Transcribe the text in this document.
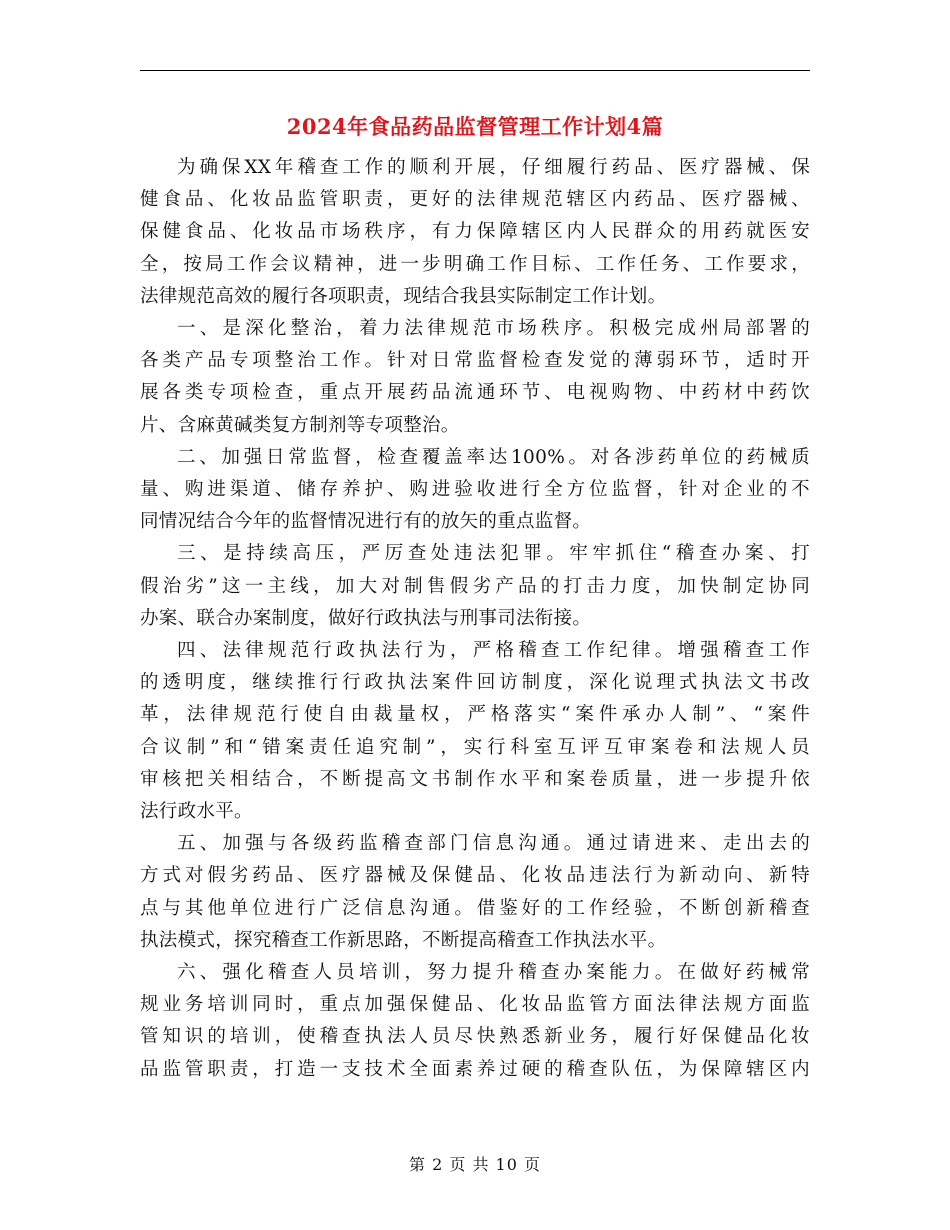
2024年食品药品监督管理工作计划4篇

为确保XX年稽查工作的顺利开展，仔细履行药品、医疗器械、保
健食品、化妆品监管职责，更好的法律规范辖区内药品、医疗器械、
保健食品、化妆品市场秩序，有力保障辖区内人民群众的用药就医安
全，按局工作会议精神，进一步明确工作目标、工作任务、工作要求，
法律规范高效的履行各项职责，现结合我县实际制定工作计划。

一、是深化整治，着力法律规范市场秩序。积极完成州局部署的
各类产品专项整治工作。针对日常监督检查发觉的薄弱环节，适时开
展各类专项检查，重点开展药品流通环节、电视购物、中药材中药饮
片、含麻黄碱类复方制剂等专项整治。

二、加强日常监督，检查覆盖率达100%。对各涉药单位的药械质
量、购进渠道、储存养护、购进验收进行全方位监督，针对企业的不
同情况结合今年的监督情况进行有的放矢的重点监督。

三、是持续高压，严厉查处违法犯罪。牢牢抓住“稽查办案、打
假治劣”这一主线，加大对制售假劣产品的打击力度，加快制定协同
办案、联合办案制度，做好行政执法与刑事司法衔接。

四、法律规范行政执法行为，严格稽查工作纪律。增强稽查工作
的透明度，继续推行行政执法案件回访制度，深化说理式执法文书改
革，法律规范行使自由裁量权，严格落实“案件承办人制”、“案件
合议制”和“错案责任追究制”，实行科室互评互审案卷和法规人员
审核把关相结合，不断提高文书制作水平和案卷质量，进一步提升依
法行政水平。

五、加强与各级药监稽查部门信息沟通。通过请进来、走出去的
方式对假劣药品、医疗器械及保健品、化妆品违法行为新动向、新特
点与其他单位进行广泛信息沟通。借鉴好的工作经验，不断创新稽查
执法模式，探究稽查工作新思路，不断提高稽查工作执法水平。

六、强化稽查人员培训，努力提升稽查办案能力。在做好药械常
规业务培训同时，重点加强保健品、化妆品监管方面法律法规方面监
管知识的培训，使稽查执法人员尽快熟悉新业务，履行好保健品化妆
品监管职责，打造一支技术全面素养过硬的稽查队伍，为保障辖区内

第 2 页 共 10 页
